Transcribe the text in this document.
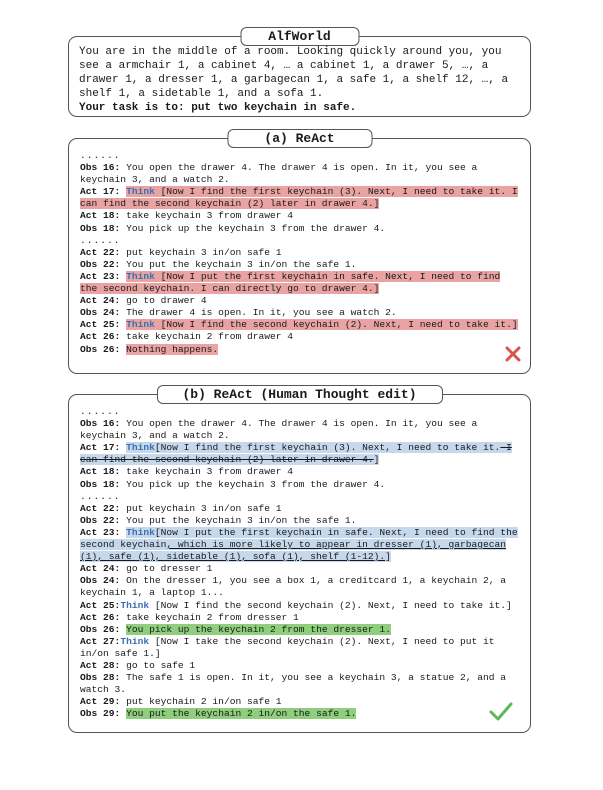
AlfWorld
You are in the middle of a room. Looking quickly around you, you see a armchair 1, a cabinet 4, … a cabinet 1, a drawer 5, …, a drawer 1, a dresser 1, a garbagecan 1, a safe 1, a shelf 12, …, a shelf 1, a sidetable 1, and a sofa 1.
Your task is to: put two keychain in safe.
(a) ReAct
......
Obs 16: You open the drawer 4. The drawer 4 is open. In it, you see a keychain 3, and a watch 2.
Act 17: Think [Now I find the first keychain (3). Next, I need to take it. I can find the second keychain (2) later in drawer 4.]
Act 18: take keychain 3 from drawer 4
Obs 18: You pick up the keychain 3 from the drawer 4.
......
Act 22: put keychain 3 in/on safe 1
Obs 22: You put the keychain 3 in/on the safe 1.
Act 23: Think [Now I put the first keychain in safe. Next, I need to find the second keychain. I can directly go to drawer 4.]
Act 24: go to drawer 4
Obs 24: The drawer 4 is open. In it, you see a watch 2.
Act 25: Think [Now I find the second keychain (2). Next, I need to take it.]
Act 26: take keychain 2 from drawer 4
Obs 26: Nothing happens.
(b) ReAct (Human Thought edit)
......
Obs 16: You open the drawer 4. The drawer 4 is open. In it, you see a keychain 3, and a watch 2.
Act 17: Think[Now I find the first keychain (3). Next, I need to take it. I can find the second keychain (2) later in drawer 4.]
Act 18: take keychain 3 from drawer 4
Obs 18: You pick up the keychain 3 from the drawer 4.
......
Act 22: put keychain 3 in/on safe 1
Obs 22: You put the keychain 3 in/on the safe 1.
Act 23: Think[Now I put the first keychain in safe. Next, I need to find the second keychain, which is more likely to appear in dresser (1), garbagecan (1), safe (1), sidetable (1), sofa (1), shelf (1-12).]
Act 24: go to dresser 1
Obs 24: On the dresser 1, you see a box 1, a creditcard 1, a keychain 2, a keychain 1, a laptop 1...
Act 25:Think [Now I find the second keychain (2). Next, I need to take it.]
Act 26: take keychain 2 from dresser 1
Obs 26: You pick up the keychain 2 from the dresser 1.
Act 27:Think [Now I take the second keychain (2). Next, I need to put it in/on safe 1.]
Act 28: go to safe 1
Obs 28: The safe 1 is open. In it, you see a keychain 3, a statue 2, and a watch 3.
Act 29: put keychain 2 in/on safe 1
Obs 29: You put the keychain 2 in/on the safe 1.
